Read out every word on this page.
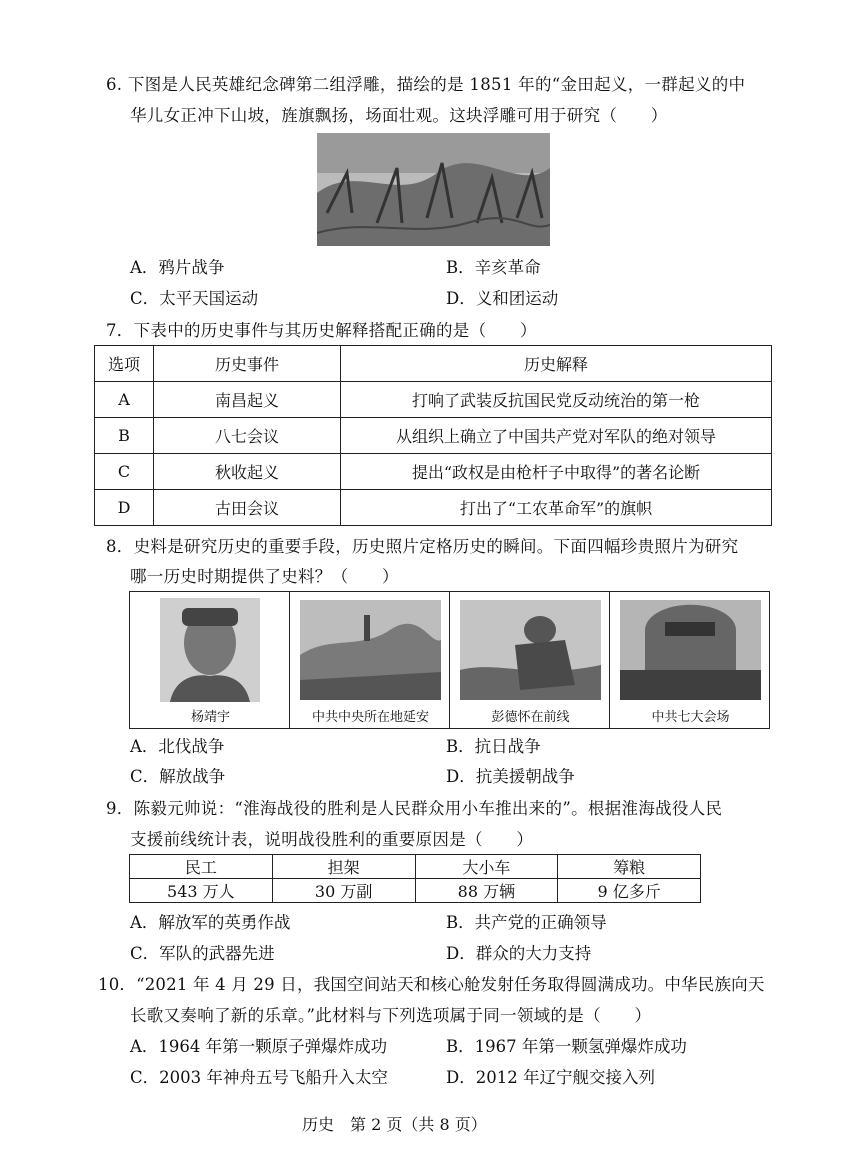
6. 下图是人民英雄纪念碑第二组浮雕，描绘的是 1851 年的“金田起义，一群起义的中
华儿女正冲下山坡，旌旗飘扬，场面壮观。这块浮雕可用于研究（　　）
A．鸦片战争	B．辛亥革命
C．太平天国运动	D．义和团运动
7．下表中的历史事件与其历史解释搭配正确的是（　　）
选项	历史事件	历史解释
A	南昌起义	打响了武装反抗国民党反动统治的第一枪
B	八七会议	从组织上确立了中国共产党对军队的绝对领导
C	秋收起义	提出“政权是由枪杆子中取得”的著名论断
D	古田会议	打出了“工农革命军”的旗帜
8．史料是研究历史的重要手段，历史照片定格历史的瞬间。下面四幅珍贵照片为研究
哪一历史时期提供了史料？（　　）
杨靖宇	中共中央所在地延安	彭德怀在前线	中共七大会场
A．北伐战争	B．抗日战争
C．解放战争	D．抗美援朝战争
9．陈毅元帅说：“淮海战役的胜利是人民群众用小车推出来的”。根据淮海战役人民
支援前线统计表，说明战役胜利的重要原因是（　　）
民工	担架	大小车	筹粮
543 万人	30 万副	88 万辆	9 亿多斤
A．解放军的英勇作战	B．共产党的正确领导
C．军队的武器先进	D．群众的大力支持
10．“2021 年 4 月 29 日，我国空间站天和核心舱发射任务取得圆满成功。中华民族向天
长歌又奏响了新的乐章。”此材料与下列选项属于同一领域的是（　　）
A．1964 年第一颗原子弹爆炸成功	B．1967 年第一颗氢弹爆炸成功
C．2003 年神舟五号飞船升入太空	D．2012 年辽宁舰交接入列
历史　第 2 页（共 8 页）
